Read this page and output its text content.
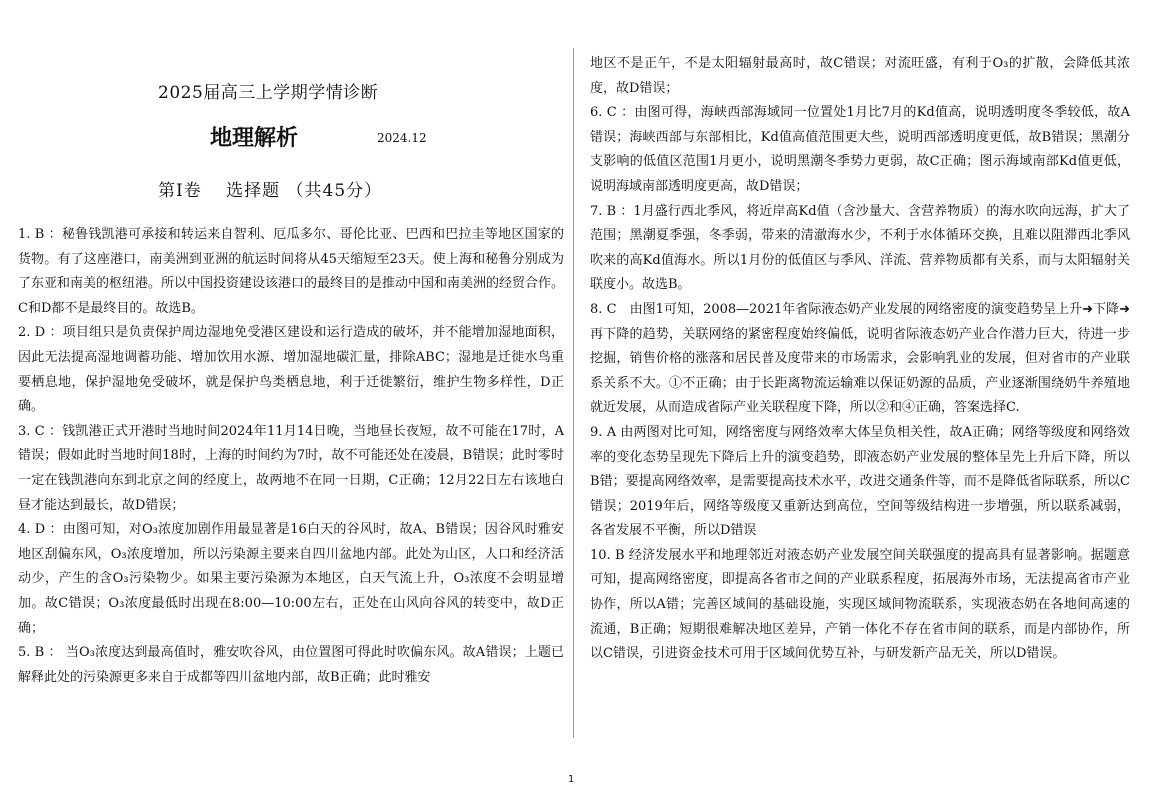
2025届高三上学期学情诊断
地理解析	2024.12
第Ⅰ卷　 选择题 （共45分）

1. B ：秘鲁钱凯港可承接和转运来自智利、厄瓜多尔、哥伦比亚、巴西和巴拉圭等地区国家的货物。有了这座港口，南美洲到亚洲的航运时间将从45天缩短至23天。使上海和秘鲁分别成为了东亚和南美的枢纽港。所以中国投资建设该港口的最终目的是推动中国和南美洲的经贸合作。C和D都不是最终目的。故选B。

2. D ：项目组只是负责保护周边湿地免受港区建设和运行造成的破坏，并不能增加湿地面积，因此无法提高湿地调蓄功能、增加饮用水源、增加湿地碳汇量，排除ABC；湿地是迁徙水鸟重要栖息地，保护湿地免受破坏，就是保护鸟类栖息地，利于迁徙繁衍，维护生物多样性，D正确。

3. C ：钱凯港正式开港时当地时间2024年11月14日晚，当地昼长夜短，故不可能在17时，A错误；假如此时当地时间18时，上海的时间约为7时，故不可能还处在凌晨，B错误；此时零时一定在钱凯港向东到北京之间的经度上，故两地不在同一日期，C正确；12月22日左右该地白昼才能达到最长，故D错误；

4. D ：由图可知，对O₃浓度加剧作用最显著是16白天的谷风时，故A、B错误；因谷风时雅安地区刮偏东风，O₃浓度增加，所以污染源主要来自四川盆地内部。此处为山区，人口和经济活动少，产生的含O₃污染物少。如果主要污染源为本地区，白天气流上升，O₃浓度不会明显增加。故C错误；O₃浓度最低时出现在8:00—10:00左右，正处在山风向谷风的转变中，故D正确；

5. B ： 当O₃浓度达到最高值时，雅安吹谷风，由位置图可得此时吹偏东风。故A错误；上题已解释此处的污染源更多来自于成都等四川盆地内部，故B正确；此时雅安

地区不是正午，不是太阳辐射最高时，故C错误；对流旺盛，有利于O₃的扩散，会降低其浓度，故D错误；

6. C ：由图可得，海峡西部海域同一位置处1月比7月的Kd值高，说明透明度冬季较低，故A错误；海峡西部与东部相比，Kd值高值范围更大些，说明西部透明度更低，故B错误；黑潮分支影响的低值区范围1月更小，说明黑潮冬季势力更弱，故C正确；图示海域南部Kd值更低，说明海域南部透明度更高，故D错误；

7. B ：1月盛行西北季风，将近岸高Kd值（含沙量大、含营养物质）的海水吹向远海，扩大了范围；黑潮夏季强，冬季弱，带来的清澈海水少，不利于水体循环交换，且难以阻滞西北季风吹来的高Kd值海水。所以1月份的低值区与季风、洋流、营养物质都有关系，而与太阳辐射关联度小。故选B。

8. C　由图1可知，2008—2021年省际液态奶产业发展的网络密度的演变趋势呈上升➜下降➜再下降的趋势，关联网络的紧密程度始终偏低，说明省际液态奶产业合作潜力巨大，待进一步挖掘，销售价格的涨落和居民普及度带来的市场需求，会影响乳业的发展，但对省市的产业联系关系不大。①不正确；由于长距离物流运输难以保证奶源的品质，产业逐渐围绕奶牛养殖地就近发展，从而造成省际产业关联程度下降，所以②和④正确，答案选择C.

9. A 由两图对比可知，网络密度与网络效率大体呈负相关性，故A正确；网络等级度和网络效率的变化态势呈现先下降后上升的演变趋势，即液态奶产业发展的整体呈先上升后下降，所以B错；要提高网络效率，是需要提高技术水平，改进交通条件等，而不是降低省际联系，所以C错误；2019年后，网络等级度又重新达到高位，空间等级结构进一步增强，所以联系减弱，各省发展不平衡，所以D错误

10. B 经济发展水平和地理邻近对液态奶产业发展空间关联强度的提高具有显著影响。据题意可知，提高网络密度，即提高各省市之间的产业联系程度，拓展海外市场，无法提高省市产业协作，所以A错；完善区域间的基础设施，实现区域间物流联系，实现液态奶在各地间高速的流通，B正确；短期很难解决地区差异，产销一体化不存在省市间的联系，而是内部协作，所以C错误，引进资金技术可用于区域间优势互补，与研发新产品无关，所以D错误。

1
